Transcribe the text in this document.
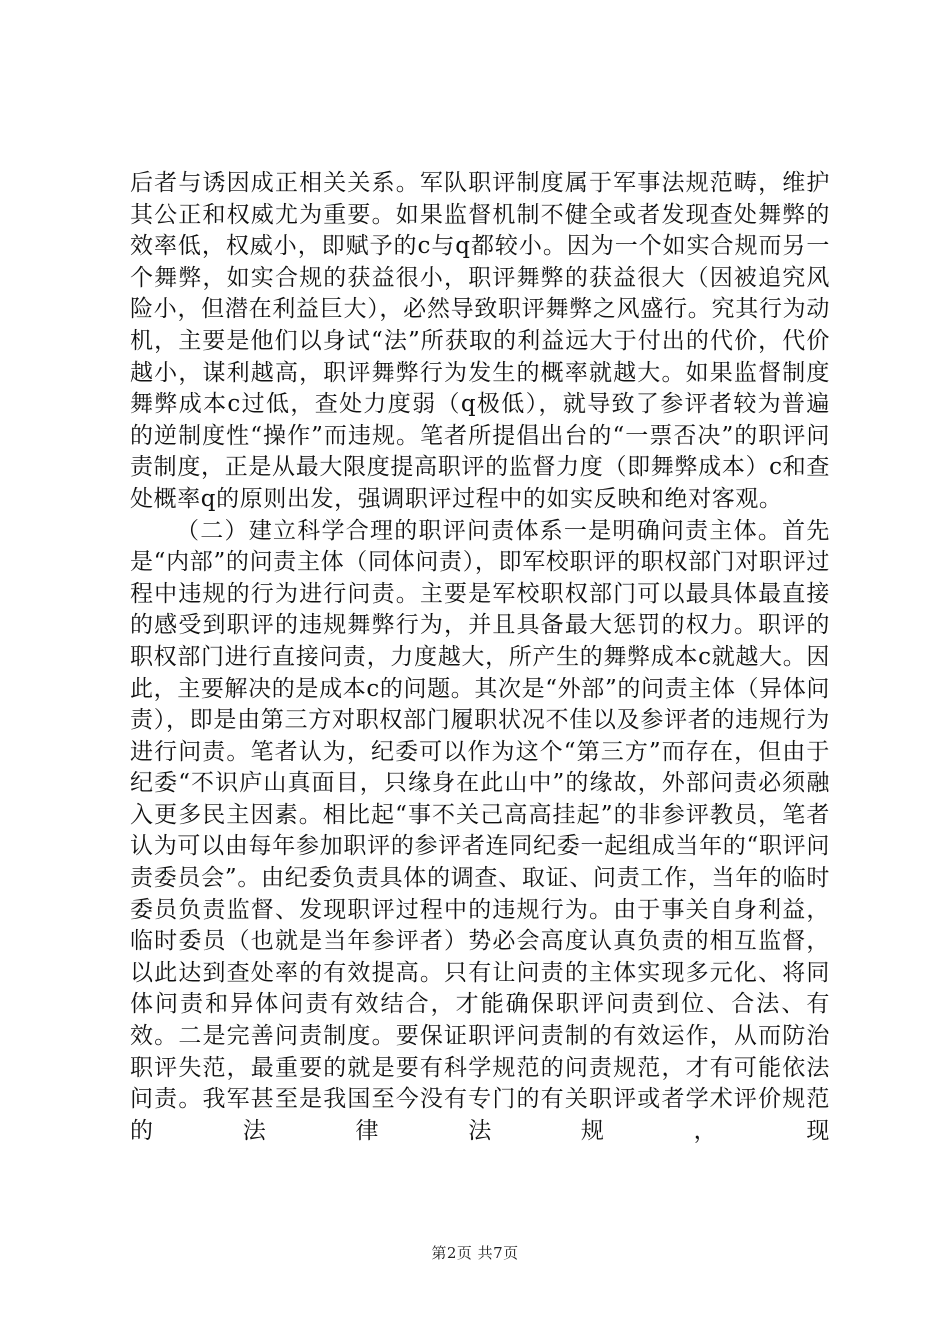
后者与诱因成正相关关系。军队职评制度属于军事法规范畴，维护其公正和权威尤为重要。如果监督机制不健全或者发现查处舞弊的效率低，权威小，即赋予的c与q都较小。因为一个如实合规而另一个舞弊，如实合规的获益很小，职评舞弊的获益很大（因被追究风险小，但潜在利益巨大），必然导致职评舞弊之风盛行。究其行为动机，主要是他们以身试“法”所获取的利益远大于付出的代价，代价越小，谋利越高，职评舞弊行为发生的概率就越大。如果监督制度舞弊成本c过低，查处力度弱（q极低），就导致了参评者较为普遍的逆制度性“操作”而违规。笔者所提倡出台的“一票否决”的职评问责制度，正是从最大限度提高职评的监督力度（即舞弊成本）c和查处概率q的原则出发，强调职评过程中的如实反映和绝对客观。

（二）建立科学合理的职评问责体系一是明确问责主体。首先是“内部”的问责主体（同体问责），即军校职评的职权部门对职评过程中违规的行为进行问责。主要是军校职权部门可以最具体最直接的感受到职评的违规舞弊行为，并且具备最大惩罚的权力。职评的职权部门进行直接问责，力度越大，所产生的舞弊成本c就越大。因此，主要解决的是成本c的问题。其次是“外部”的问责主体（异体问责），即是由第三方对职权部门履职状况不佳以及参评者的违规行为进行问责。笔者认为，纪委可以作为这个“第三方”而存在，但由于纪委“不识庐山真面目，只缘身在此山中”的缘故，外部问责必须融入更多民主因素。相比起“事不关己高高挂起”的非参评教员，笔者认为可以由每年参加职评的参评者连同纪委一起组成当年的“职评问责委员会”。由纪委负责具体的调查、取证、问责工作，当年的临时委员负责监督、发现职评过程中的违规行为。由于事关自身利益，临时委员（也就是当年参评者）势必会高度认真负责的相互监督，以此达到查处率的有效提高。只有让问责的主体实现多元化、将同体问责和异体问责有效结合，才能确保职评问责到位、合法、有效。二是完善问责制度。要保证职评问责制的有效运作，从而防治职评失范，最重要的就是要有科学规范的问责规范，才有可能依法问责。我军甚至是我国至今没有专门的有关职评或者学术评价规范的法律法规，现

第2页 共7页
